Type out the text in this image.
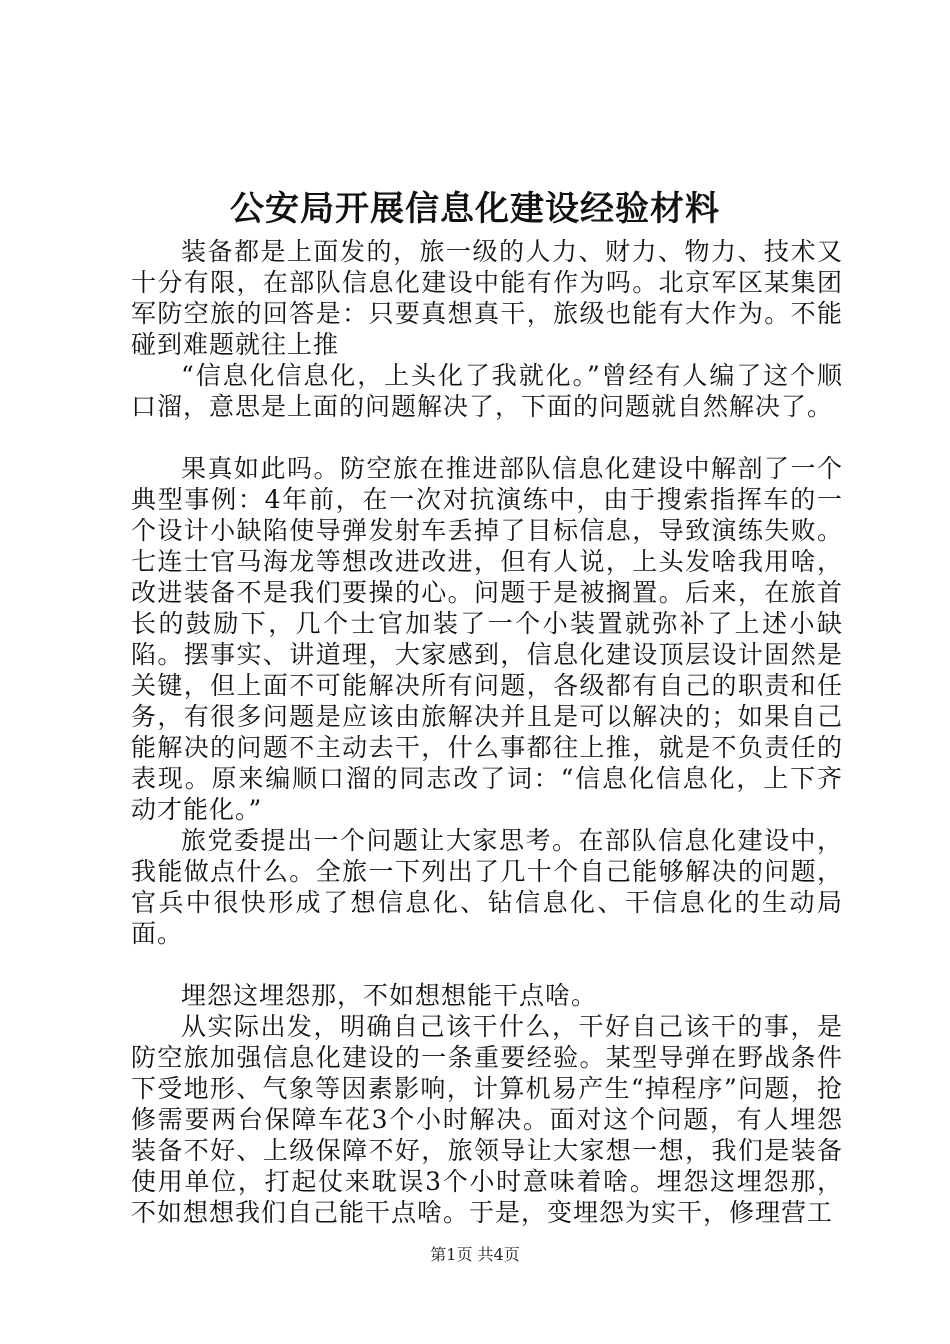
公安局开展信息化建设经验材料

装备都是上面发的，旅一级的人力、财力、物力、技术又十分有限，在部队信息化建设中能有作为吗。北京军区某集团军防空旅的回答是：只要真想真干，旅级也能有大作为。不能碰到难题就往上推

“信息化信息化，上头化了我就化。”曾经有人编了这个顺口溜，意思是上面的问题解决了，下面的问题就自然解决了。

果真如此吗。防空旅在推进部队信息化建设中解剖了一个典型事例：4年前，在一次对抗演练中，由于搜索指挥车的一个设计小缺陷使导弹发射车丢掉了目标信息，导致演练失败。七连士官马海龙等想改进改进，但有人说，上头发啥我用啥，改进装备不是我们要操的心。问题于是被搁置。后来，在旅首长的鼓励下，几个士官加装了一个小装置就弥补了上述小缺陷。摆事实、讲道理，大家感到，信息化建设顶层设计固然是关键，但上面不可能解决所有问题，各级都有自己的职责和任务，有很多问题是应该由旅解决并且是可以解决的；如果自己能解决的问题不主动去干，什么事都往上推，就是不负责任的表现。原来编顺口溜的同志改了词：“信息化信息化，上下齐动才能化。”

旅党委提出一个问题让大家思考。在部队信息化建设中，我能做点什么。全旅一下列出了几十个自己能够解决的问题，官兵中很快形成了想信息化、钻信息化、干信息化的生动局面。

埋怨这埋怨那，不如想想能干点啥。

从实际出发，明确自己该干什么，干好自己该干的事，是防空旅加强信息化建设的一条重要经验。某型导弹在野战条件下受地形、气象等因素影响，计算机易产生“掉程序”问题，抢修需要两台保障车花3个小时解决。面对这个问题，有人埋怨装备不好、上级保障不好，旅领导让大家想一想，我们是装备使用单位，打起仗来耽误3个小时意味着啥。埋怨这埋怨那，不如想想我们自己能干点啥。于是，变埋怨为实干，修理营工

第1页 共4页
